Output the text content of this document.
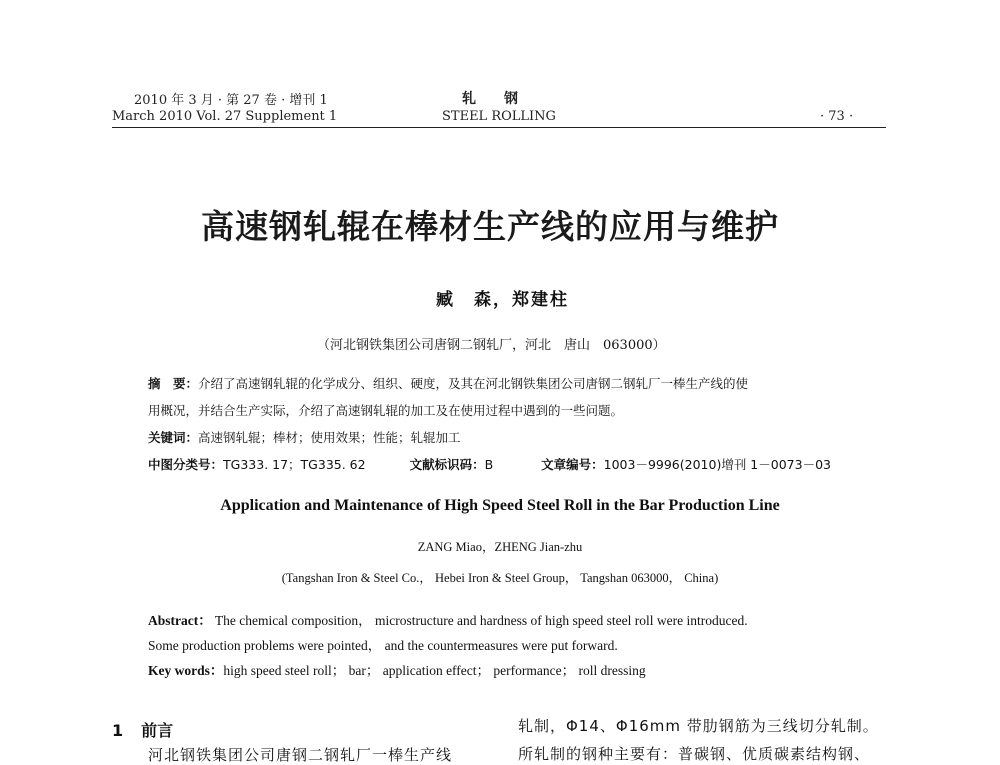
2010 年 3 月 · 第 27 卷 · 增刊 1
March 2010 Vol. 27 Supplement 1
轧　　钢
STEEL ROLLING	· 73 ·
高速钢轧辊在棒材生产线的应用与维护
臧　森，郑建柱
（河北钢铁集团公司唐钢二钢轧厂，河北　唐山　063000）
摘　要：介绍了高速钢轧辊的化学成分、组织、硬度，及其在河北钢铁集团公司唐钢二钢轧厂一棒生产线的使
用概况，并结合生产实际，介绍了高速钢轧辊的加工及在使用过程中遇到的一些问题。
关键词：高速钢轧辊；棒材；使用效果；性能；轧辊加工
中图分类号：TG333. 17；TG335. 62	文献标识码：B	文章编号：1003－9996(2010)增刊 1－0073－03
Application and Maintenance of High Speed Steel Roll in the Bar Production Line
ZANG Miao，ZHENG Jian-zhu
(Tangshan Iron & Steel Co.， Hebei Iron & Steel Group， Tangshan 063000， China)
Abstract： The chemical composition， microstructure and hardness of high speed steel roll were introduced.
Some production problems were pointed， and the countermeasures were put forward.
Key words：high speed steel roll； bar； application effect； performance； roll dressing
1 前言
河北钢铁集团公司唐钢二钢轧厂一棒生产线
轧制，Φ14、Φ16mm 带肋钢筋为三线切分轧制。
所轧制的钢种主要有：普碳钢、优质碳素结构钢、
